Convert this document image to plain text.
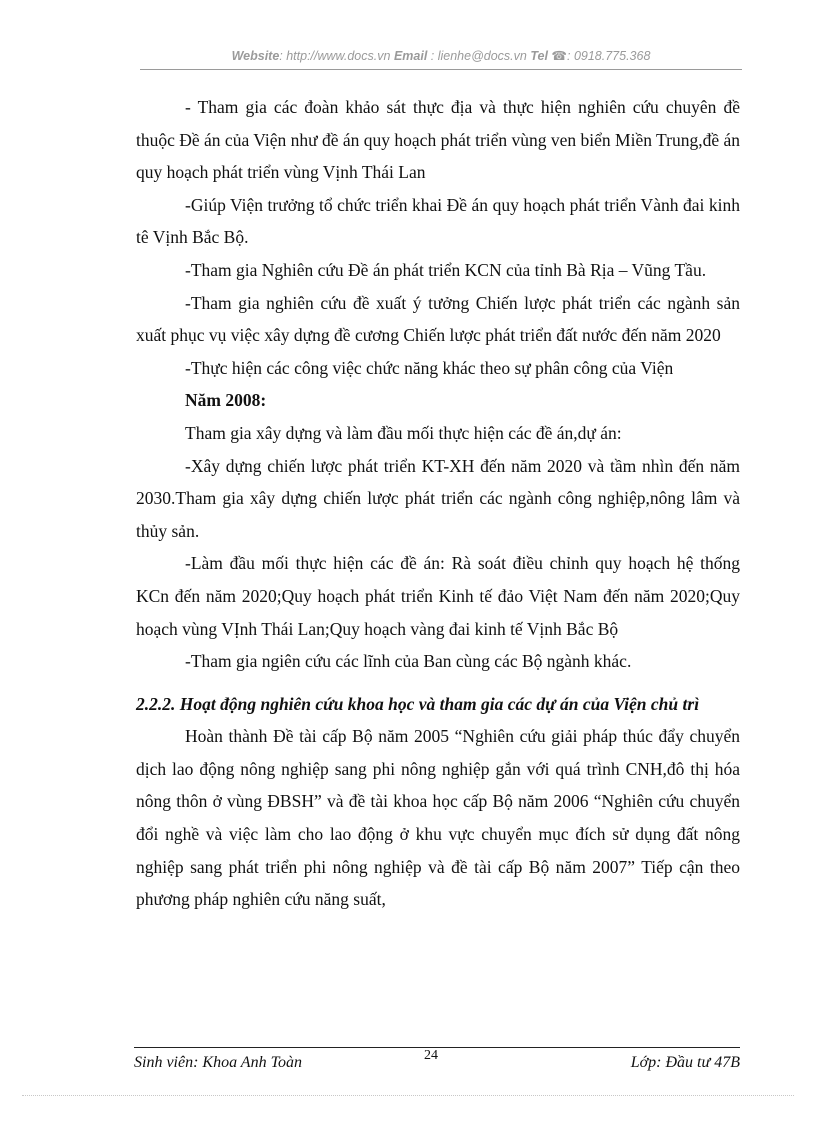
Website: http://www.docs.vn Email : lienhe@docs.vn Tel ☎: 0918.775.368

- Tham gia các đoàn khảo sát thực địa và thực hiện nghiên cứu chuyên đề thuộc Đề án của Viện như đề án quy hoạch phát triển vùng ven biển Miền Trung,đề án quy hoạch phát triển vùng Vịnh Thái Lan

-Giúp Viện trưởng tổ chức triển khai Đề án quy hoạch phát triển Vành đai kinh tê Vịnh Bắc Bộ.

-Tham gia Nghiên cứu Đề án phát triển KCN của tỉnh Bà Rịa – Vũng Tầu.

-Tham gia nghiên cứu đề xuất ý tưởng Chiến lược phát triển các ngành sản xuất phục vụ việc xây dựng đề cương Chiến lược phát triển đất nước đến năm 2020

-Thực hiện các công việc chức năng khác theo sự phân công của Viện

Năm 2008:

Tham gia xây dựng và làm đầu mối thực hiện các đề án,dự án:

-Xây dựng chiến lược phát triển KT-XH đến năm 2020 và tầm nhìn đến năm 2030.Tham gia xây dựng chiến lược phát triển các ngành công nghiệp,nông lâm và thủy sản.

-Làm đầu mối thực hiện các đề án: Rà soát điều chỉnh quy hoạch hệ thống KCn đến năm 2020;Quy hoạch phát triển Kinh tế đảo Việt Nam đến năm 2020;Quy hoạch vùng VỊnh Thái Lan;Quy hoạch vàng đai kinh tế Vịnh Bắc Bộ

-Tham gia ngiên cứu các lĩnh của Ban cùng các Bộ ngành khác.

2.2.2. Hoạt động nghiên cứu khoa học và tham gia các dự án của Viện chủ trì

Hoàn thành Đề tài cấp Bộ năm 2005 “Nghiên cứu giải pháp thúc đẩy chuyển dịch lao động nông nghiệp sang phi nông nghiệp gắn với quá trình CNH,đô thị hóa nông thôn ở vùng ĐBSH” và đề tài khoa học cấp Bộ năm 2006 “Nghiên cứu chuyển đổi nghề và việc làm cho lao động ở khu vực chuyển mục đích sử dụng đất nông nghiệp sang phát triển phi nông nghiệp và đề tài cấp Bộ năm 2007” Tiếp cận theo phương pháp nghiên cứu năng suất,

Sinh viên: Khoa Anh Toàn	24	Lớp: Đầu tư 47B
